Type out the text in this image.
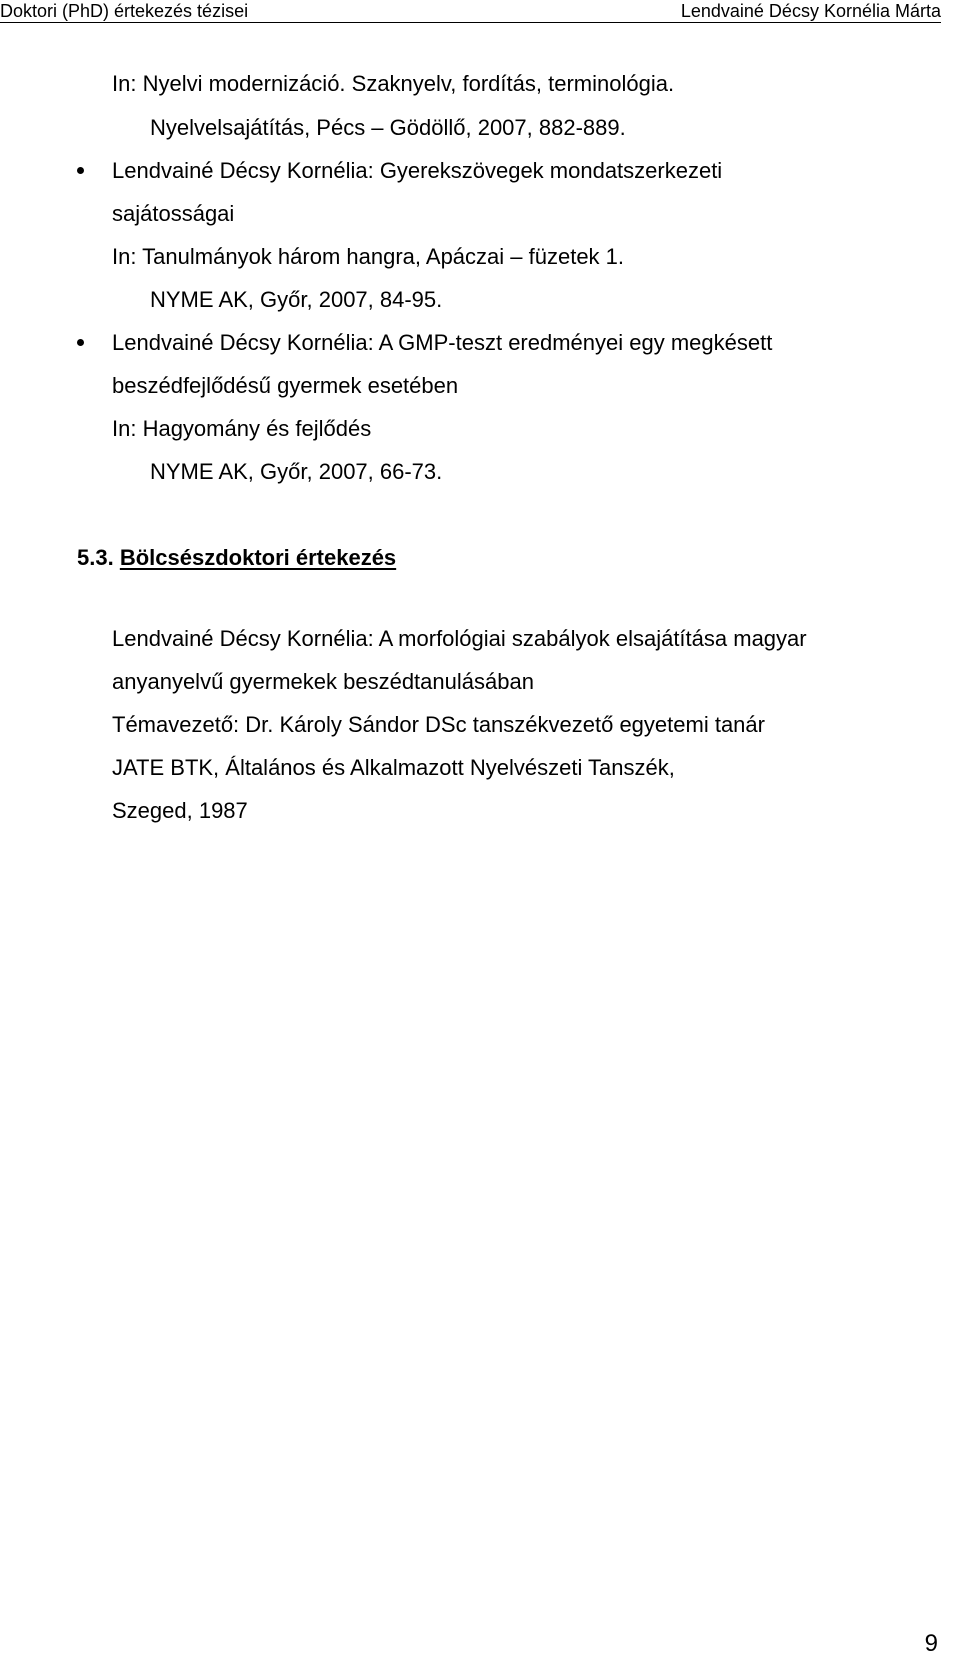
Doktori (PhD) értekezés tézisei	Lendvainé Décsy Kornélia Márta
In: Nyelvi modernizáció. Szaknyelv, fordítás, terminológia.
Nyelvelsajátítás, Pécs – Gödöllő, 2007, 882-889.
Lendvainé Décsy Kornélia: Gyerekszövegek mondatszerkezeti
sajátosságai
In: Tanulmányok három hangra, Apáczai – füzetek 1.
NYME AK, Győr, 2007, 84-95.
Lendvainé Décsy Kornélia: A GMP-teszt eredményei egy megkésett
beszédfejlődésű gyermek esetében
In: Hagyomány és fejlődés
NYME AK, Győr, 2007, 66-73.
5.3. Bölcsészdoktori értekezés
Lendvainé Décsy Kornélia: A morfológiai szabályok elsajátítása magyar
anyanyelvű gyermekek beszédtanulásában
Témavezető: Dr. Károly Sándor DSc tanszékvezető egyetemi tanár
JATE BTK, Általános és Alkalmazott Nyelvészeti Tanszék,
Szeged, 1987
9
